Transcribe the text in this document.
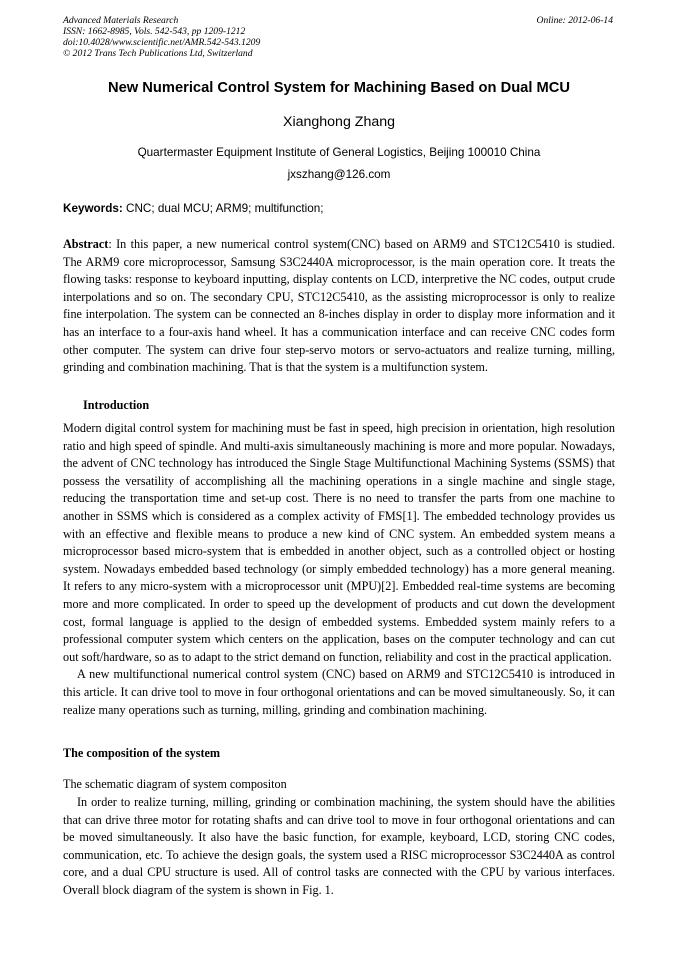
Advanced Materials Research
ISSN: 1662-8985, Vols. 542-543, pp 1209-1212
doi:10.4028/www.scientific.net/AMR.542-543.1209
© 2012 Trans Tech Publications Ltd, Switzerland
Online: 2012-06-14
New Numerical Control System for Machining Based on Dual MCU
Xianghong Zhang
Quartermaster Equipment Institute of General Logistics, Beijing 100010 China
jxszhang@126.com
Keywords: CNC; dual MCU; ARM9; multifunction;

Abstract: In this paper, a new numerical control system(CNC) based on ARM9 and STC12C5410 is studied. The ARM9 core microprocessor, Samsung S3C2440A microprocessor, is the main operation core. It treats the flowing tasks: response to keyboard inputting, display contents on LCD, interpretive the NC codes, output crude interpolations and so on. The secondary CPU, STC12C5410, as the assisting microprocessor is only to realize fine interpolation. The system can be connected an 8-inches display in order to display more information and it has an interface to a four-axis hand wheel. It has a communication interface and can receive CNC codes form other computer. The system can drive four step-servo motors or servo-actuators and realize turning, milling, grinding and combination machining. That is that the system is a multifunction system.

Introduction

Modern digital control system for machining must be fast in speed, high precision in orientation, high resolution ratio and high speed of spindle. And multi-axis simultaneously machining is more and more popular. Nowadays, the advent of CNC technology has introduced the Single Stage Multifunctional Machining Systems (SSMS) that possess the versatility of accomplishing all the machining operations in a single machine and single stage, reducing the transportation time and set-up cost. There is no need to transfer the parts from one machine to another in SSMS which is considered as a complex activity of FMS[1]. The embedded technology provides us with an effective and flexible means to produce a new kind of CNC system. An embedded system means a microprocessor based micro-system that is embedded in another object, such as a controlled object or hosting system. Nowadays embedded based technology (or simply embedded technology) has a more general meaning. It refers to any micro-system with a microprocessor unit (MPU)[2]. Embedded real-time systems are becoming more and more complicated. In order to speed up the development of products and cut down the development cost, formal language is applied to the design of embedded systems. Embedded system mainly refers to a professional computer system which centers on the application, bases on the computer technology and can cut out soft/hardware, so as to adapt to the strict demand on function, reliability and cost in the practical application.

A new multifunctional numerical control system (CNC) based on ARM9 and STC12C5410 is introduced in this article. It can drive tool to move in four orthogonal orientations and can be moved simultaneously. So, it can realize many operations such as turning, milling, grinding and combination machining.

The composition of the system

The schematic diagram of system compositon

In order to realize turning, milling, grinding or combination machining, the system should have the abilities that can drive three motor for rotating shafts and can drive tool to move in four orthogonal orientations and can be moved simultaneously. It also have the basic function, for example, keyboard, LCD, storing CNC codes, communication, etc. To achieve the design goals, the system used a RISC microprocessor S3C2440A as control core, and a dual CPU structure is used. All of control tasks are connected with the CPU by various interfaces. Overall block diagram of the system is shown in Fig. 1.
